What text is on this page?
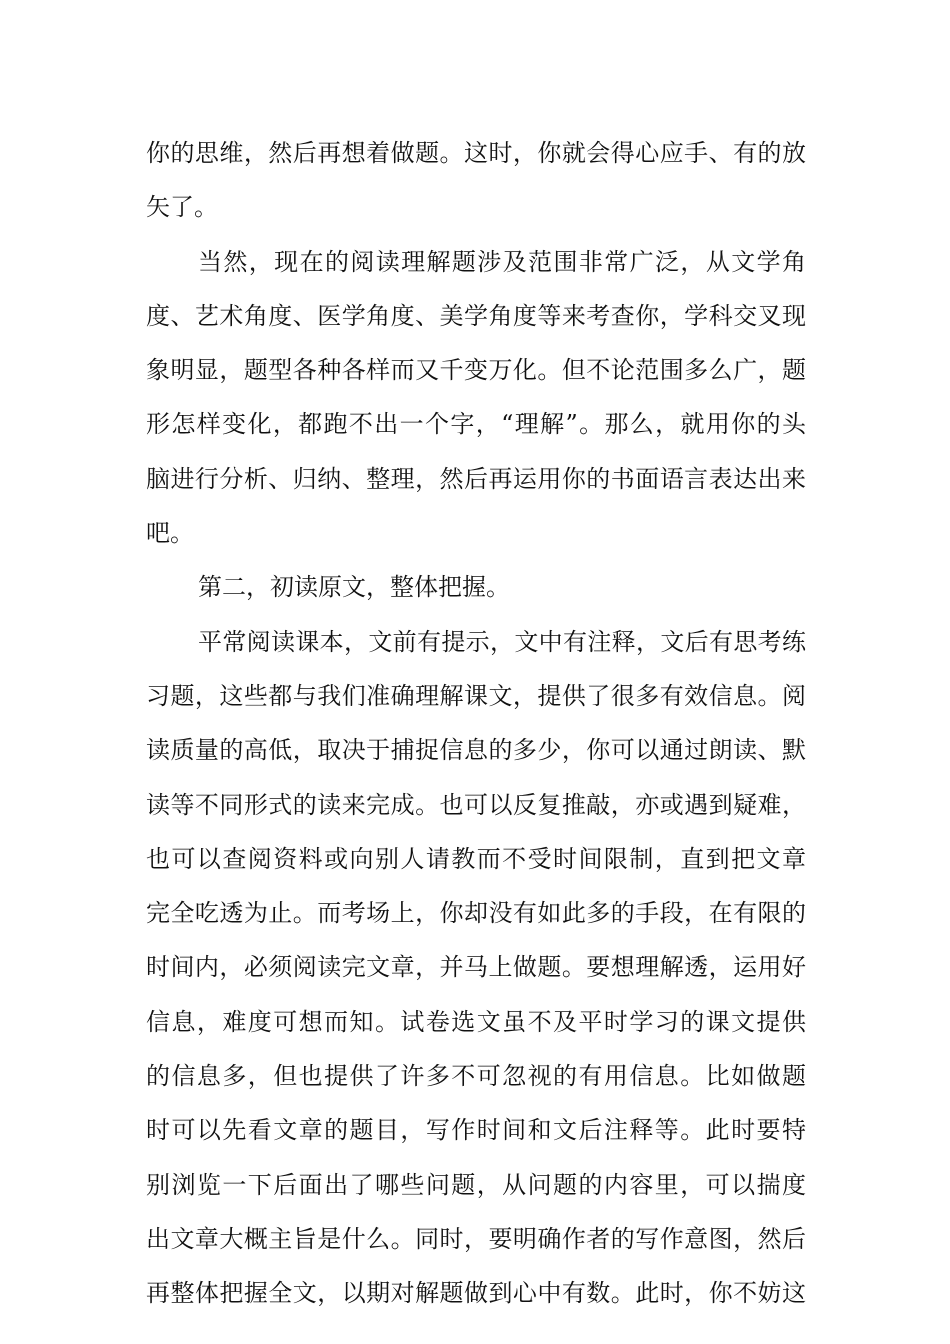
你的思维，然后再想着做题。这时，你就会得心应手、有的放
矢了。
当然，现在的阅读理解题涉及范围非常广泛，从文学角
度、艺术角度、医学角度、美学角度等来考查你，学科交叉现
象明显，题型各种各样而又千变万化。但不论范围多么广，题
形怎样变化，都跑不出一个字，“理解”。那么，就用你的头
脑进行分析、归纳、整理，然后再运用你的书面语言表达出来
吧。
第二，初读原文，整体把握。
平常阅读课本，文前有提示，文中有注释，文后有思考练
习题，这些都与我们准确理解课文，提供了很多有效信息。阅
读质量的高低，取决于捕捉信息的多少，你可以通过朗读、默
读等不同形式的读来完成。也可以反复推敲，亦或遇到疑难，
也可以查阅资料或向别人请教而不受时间限制，直到把文章
完全吃透为止。而考场上，你却没有如此多的手段，在有限的
时间内，必须阅读完文章，并马上做题。要想理解透，运用好
信息，难度可想而知。试卷选文虽不及平时学习的课文提供
的信息多，但也提供了许多不可忽视的有用信息。比如做题
时可以先看文章的题目，写作时间和文后注释等。此时要特
别浏览一下后面出了哪些问题，从问题的内容里，可以揣度
出文章大概主旨是什么。同时，要明确作者的写作意图，然后
再整体把握全文，以期对解题做到心中有数。此时，你不妨这
